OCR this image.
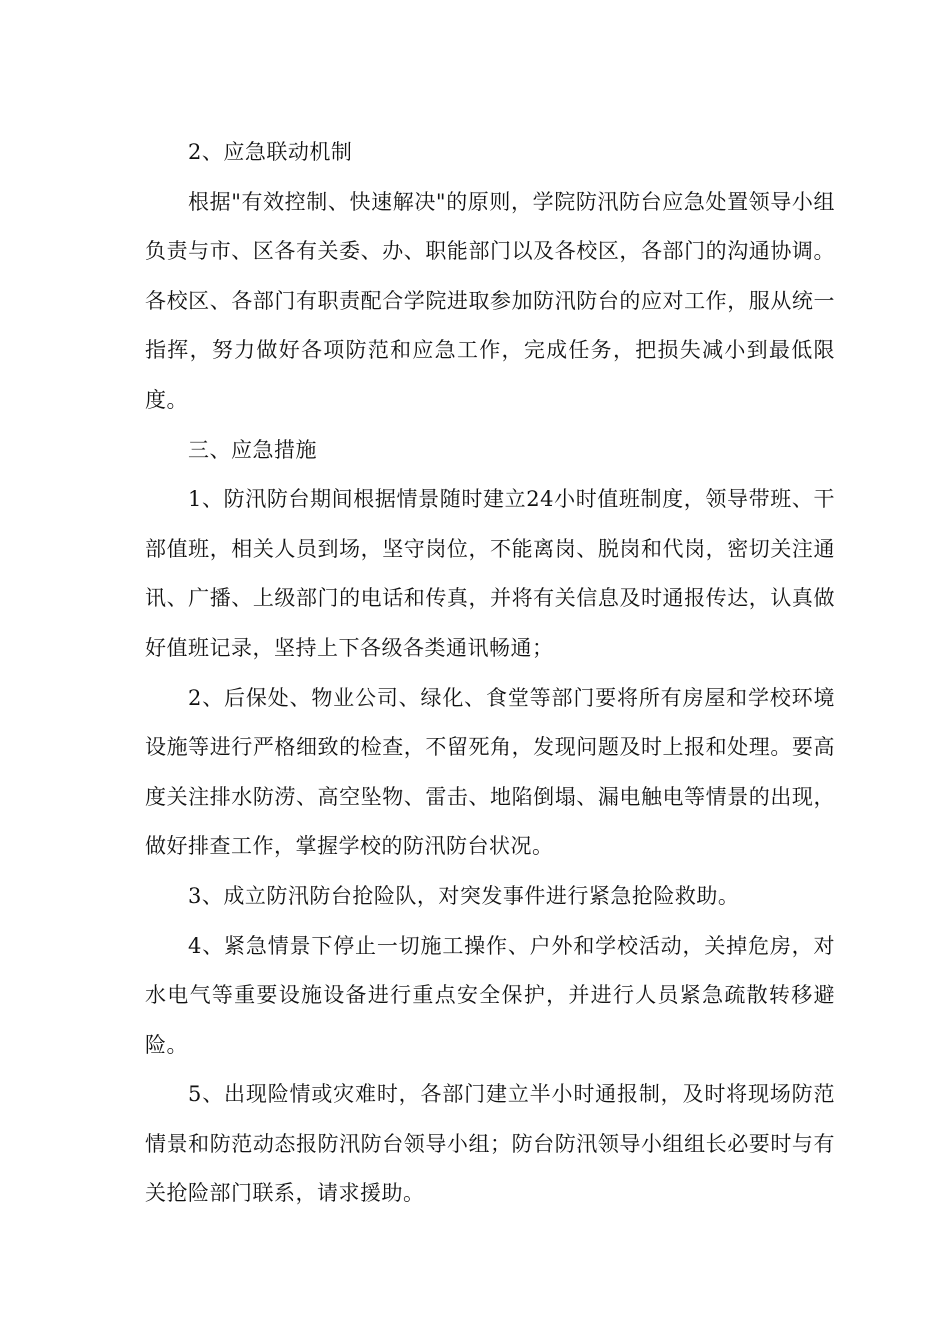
2、应急联动机制

根据"有效控制、快速解决"的原则，学院防汛防台应急处置领导小组负责与市、区各有关委、办、职能部门以及各校区，各部门的沟通协调。各校区、各部门有职责配合学院进取参加防汛防台的应对工作，服从统一指挥，努力做好各项防范和应急工作，完成任务，把损失减小到最低限度。

三、应急措施

1、防汛防台期间根据情景随时建立24小时值班制度，领导带班、干部值班，相关人员到场，坚守岗位，不能离岗、脱岗和代岗，密切关注通讯、广播、上级部门的电话和传真，并将有关信息及时通报传达，认真做好值班记录，坚持上下各级各类通讯畅通；

2、后保处、物业公司、绿化、食堂等部门要将所有房屋和学校环境设施等进行严格细致的检查，不留死角，发现问题及时上报和处理。要高度关注排水防涝、高空坠物、雷击、地陷倒塌、漏电触电等情景的出现，做好排查工作，掌握学校的防汛防台状况。

3、成立防汛防台抢险队，对突发事件进行紧急抢险救助。

4、紧急情景下停止一切施工操作、户外和学校活动，关掉危房，对水电气等重要设施设备进行重点安全保护，并进行人员紧急疏散转移避险。

5、出现险情或灾难时，各部门建立半小时通报制，及时将现场防范情景和防范动态报防汛防台领导小组；防台防汛领导小组组长必要时与有关抢险部门联系，请求援助。
